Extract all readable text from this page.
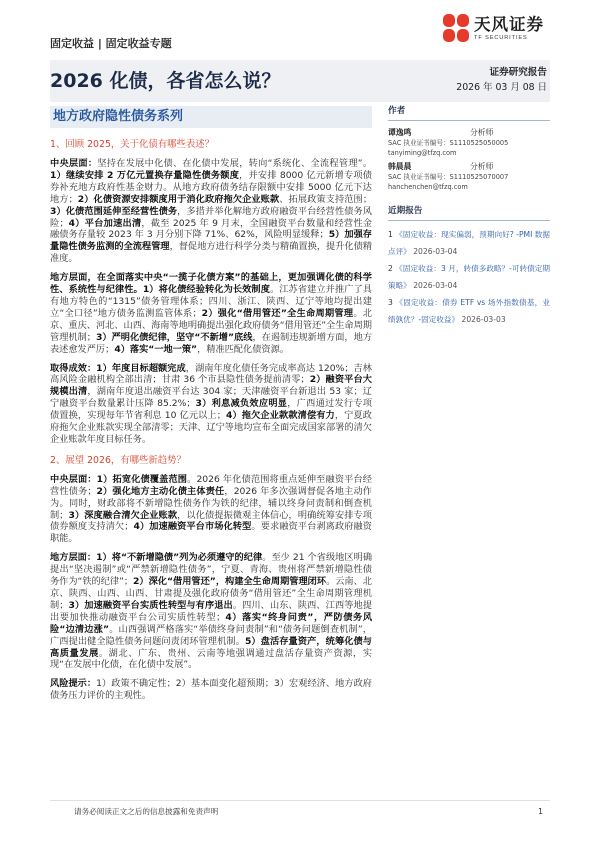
天风证券
TF SECURITIES
固定收益 | 固定收益专题
2026 化债，各省怎么说？	证券研究报告
2026 年 03 月 08 日
地方政府隐性债务系列
1、回顾 2025，关于化债有哪些表述？

中央层面：坚持在发展中化债、在化债中发展，转向“系统化、全流程管理”。1）继续安排 2 万亿元置换存量隐性债务额度，并安排 8000 亿元新增专项债券补充地方政府性基金财力。从地方政府债务结存限额中安排 5000 亿元下达地方；2）化债资源安排额度用于消化政府拖欠企业账款、拓展政策支持范围；3）化债范围延伸至经营性债务，多措并举化解地方政府融资平台经营性债务风险；4）平台加速出清，截至 2025 年 9 月末，全国融资平台数量和经营性金融债务存量较 2023 年 3 月分别下降 71%、62%，风险明显缓释；5）加强存量隐性债务监测的全流程管理，督促地方进行科学分类与精确置换，提升化债精准度。

地方层面，在全面落实中央“一揽子化债方案”的基础上，更加强调化债的科学性、系统性与纪律性。1）将化债经验转化为长效制度。江苏省建立并推广了具有地方特色的“1315”债务管理体系；四川、浙江、陕西、辽宁等地均提出建立“全口径”地方债务监测监管体系；2）强化“借用管还”全生命周期管理。北京、重庆、河北、山西、海南等地明确提出强化政府债务“借用管还”全生命周期管理机制；3）严明化债纪律，坚守“不新增”底线，在遏制违规新增方面，地方表述愈发严厉；4）落实“一地一策”，精准匹配化债资源。

取得成效：1）年度目标超额完成，湖南年度化债任务完成率高达 120%；吉林高风险金融机构全部出清；甘肃 36 个市县隐性债务提前清零；2）融资平台大规模出清，湖南年度退出融资平台达 304 家；天津融资平台新退出 53 家；辽宁融资平台数量累计压降 85.2%；3）利息减负效应明显，广西通过发行专项债置换，实现每年节省利息 10 亿元以上；4）拖欠企业款款清偿有力，宁夏政府拖欠企业账款实现全部清零；天津、辽宁等地均宣布全面完成国家部署的清欠企业账款年度目标任务。

2、展望 2026，有哪些新趋势？

中央层面：1）拓宽化债覆盖范围。2026 年化债范围将重点延伸至融资平台经营性债务；2）强化地方主动化债主体责任，2026 年多次强调督促各地主动作为。同时，财政部将不新增隐性债务作为铁的纪律，辅以终身问责制和倒查机制；3）深度融合清欠企业账款，以化债提振微观主体信心，明确统筹安排专项债券额度支持清欠；4）加速融资平台市场化转型。要求融资平台剥离政府融资职能。

地方层面：1）将“不新增隐债”列为必须遵守的纪律。至少 21 个省级地区明确提出“坚决遏制”或“严禁新增隐性债务”，宁夏、青海、贵州将严禁新增隐性债务作为“铁的纪律”；2）深化“借用管还”，构建全生命周期管理闭环。云南、北京、陕西、山西、山西、甘肃提及强化政府债务“借用管还”全生命周期管理机制；3）加速融资平台实质性转型与有序退出。四川、山东、陕西、江西等地提出要加快推动融资平台公司实质性转型；4）落实“终身问责”，严防债务风险“边清边涨”。山西强调严格落实“举债终身问责制”和“债务问题倒查机制”，广西提出健全隐性债务问题问责闭环管理机制。5）盘活存量资产，统筹化债与高质量发展。湖北、广东、贵州、云南等地强调通过盘活存量资产资源，实现“在发展中化债，在化债中发展”。

风险提示：1）政策不确定性；2）基本面变化超预期；3）宏观经济、地方政府债务压力评价的主观性。

作者
谭逸鸣	分析师
SAC 执业证书编号：S1110525050005
tanyiming@tfzq.com
韩晨晨	分析师
SAC 执业证书编号：S1110525070007
hanchenchen@tfzq.com
近期报告
1 《固定收益：现实偏弱，预期向好? -PMI 数据点评》 2026-03-04
2 《固定收益：3 月，转债多政略？-可转债定期策略》 2026-03-04
3 《固定收益：债券 ETF vs 场外指数债基，业绩孰优？-固定收益》 2026-03-03
请务必阅读正文之后的信息披露和免责声明	1
